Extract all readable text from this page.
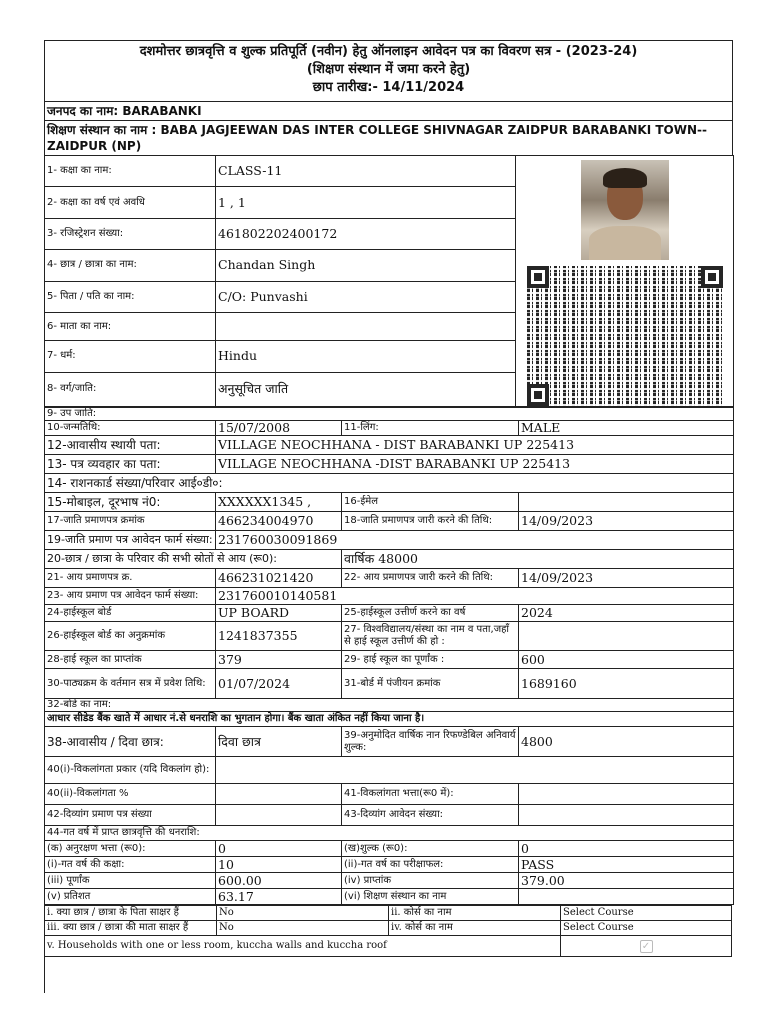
दशमोत्तर छात्रवृत्ति व शुल्क प्रतिपूर्ति (नवीन) हेतु ऑनलाइन आवेदन पत्र का विवरण सत्र - (2023-24)
(शिक्षण संस्थान में जमा करने हेतु)
छाप तारीख:- 14/11/2024
जनपद का नाम: BARABANKI
शिक्षण संस्थान का नाम : BABA JAGJEEWAN DAS INTER COLLEGE SHIVNAGAR ZAIDPUR BARABANKI TOWN--ZAIDPUR (NP)
1- कक्षा का नाम:	CLASS-11	

2- कक्षा का वर्ष एवं अवधि	1 , 1	
3- रजिस्ट्रेशन संख्या:	461802202400172	
4- छात्र / छात्रा का नाम:	Chandan Singh	
5- पिता / पति का नाम:	C/O: Punvashi	
6- माता का नाम:		
7- धर्म:	Hindu	
8- वर्ग/जाति:	अनुसूचित जाति	
9- उप जाति:			
10-जन्मतिथि:	15/07/2008	11-लिंग:	MALE
12-आवासीय स्थायी पता:	VILLAGE NEOCHHANA - DIST BARABANKI UP 225413		
13- पत्र व्यवहार का पता:	VILLAGE NEOCHHANA -DIST BARABANKI UP 225413		
14- राशनकार्ड संख्या/परिवार आई०डी०:			
15-मोबाइल, दूरभाष नं0:	XXXXXX1345 ,	16-ईमेल	
17-जाति प्रमाणपत्र क्रमांक	466234004970	18-जाति प्रमाणपत्र जारी करने की तिथि:	14/09/2023
19-जाति प्रमाण पत्र आवेदन फार्म संख्या:	231760030091869		
20-छात्र / छात्रा के परिवार की सभी स्रोतों से आय (रू0):		वार्षिक 48000	
21- आय प्रमाणपत्र क्र.	466231021420	22- आय प्रमाणपत्र जारी करने की तिथि:	14/09/2023
23- आय प्रमाण पत्र आवेदन फार्म संख्या:	231760010140581		
24-हाईस्कूल बोर्ड	UP BOARD	25-हाईस्कूल उत्तीर्ण करने का वर्ष	2024
26-हाईस्कूल बोर्ड का अनुक्रमांक	1241837355	27- विश्वविद्यालय/संस्था का नाम व पता,जहाँ से हाई स्कूल उत्तीर्ण की हो :	
28-हाई स्कूल का प्राप्तांक	379	29- हाई स्कूल का पूर्णांक :	600
30-पाठ्यक्रम के वर्तमान सत्र में प्रवेश तिथि:	01/07/2024	31-बोर्ड में पंजीयन क्रमांक	1689160
32-बोर्ड का नाम:			
आधार सीडेड बैंक खाते में आधार नं.से धनराशि का भुगतान होगा। बैंक खाता अंकित नहीं किया जाना है।			
38-आवासीय / दिवा छात्र:	दिवा छात्र	39-अनुमोदित वार्षिक नान रिफण्डेबिल अनिवार्य शुल्क:	4800
40(i)-विकलांगता प्रकार (यदि विकलांग हो):			
40(ii)-विकलांगता %		41-विकलांगता भत्ता(रू0 में):	
42-दिव्यांग प्रमाण पत्र संख्या		43-दिव्यांग आवेदन संख्या:	
44-गत वर्ष में प्राप्त छात्रवृत्ति की धनराशि:			
(क) अनुरक्षण भत्ता (रू0):	0	(ख)शुल्क (रू0):	0
(i)-गत वर्ष की कक्षा:	10	(ii)-गत वर्ष का परीक्षाफल:	PASS
(iii) पूर्णांक	600.00	(iv) प्राप्तांक	379.00
(v) प्रतिशत	63.17	(vi) शिक्षण संस्थान का नाम	
i. क्या छात्र / छात्रा के पिता साक्षर हैं	No	ii. कोर्स का नाम	Select Course
iii. क्या छात्र / छात्रा की माता साक्षर हैं	No	iv. कोर्स का नाम	Select Course
v. Households with one or less room, kuccha walls and kuccha roof			✓
